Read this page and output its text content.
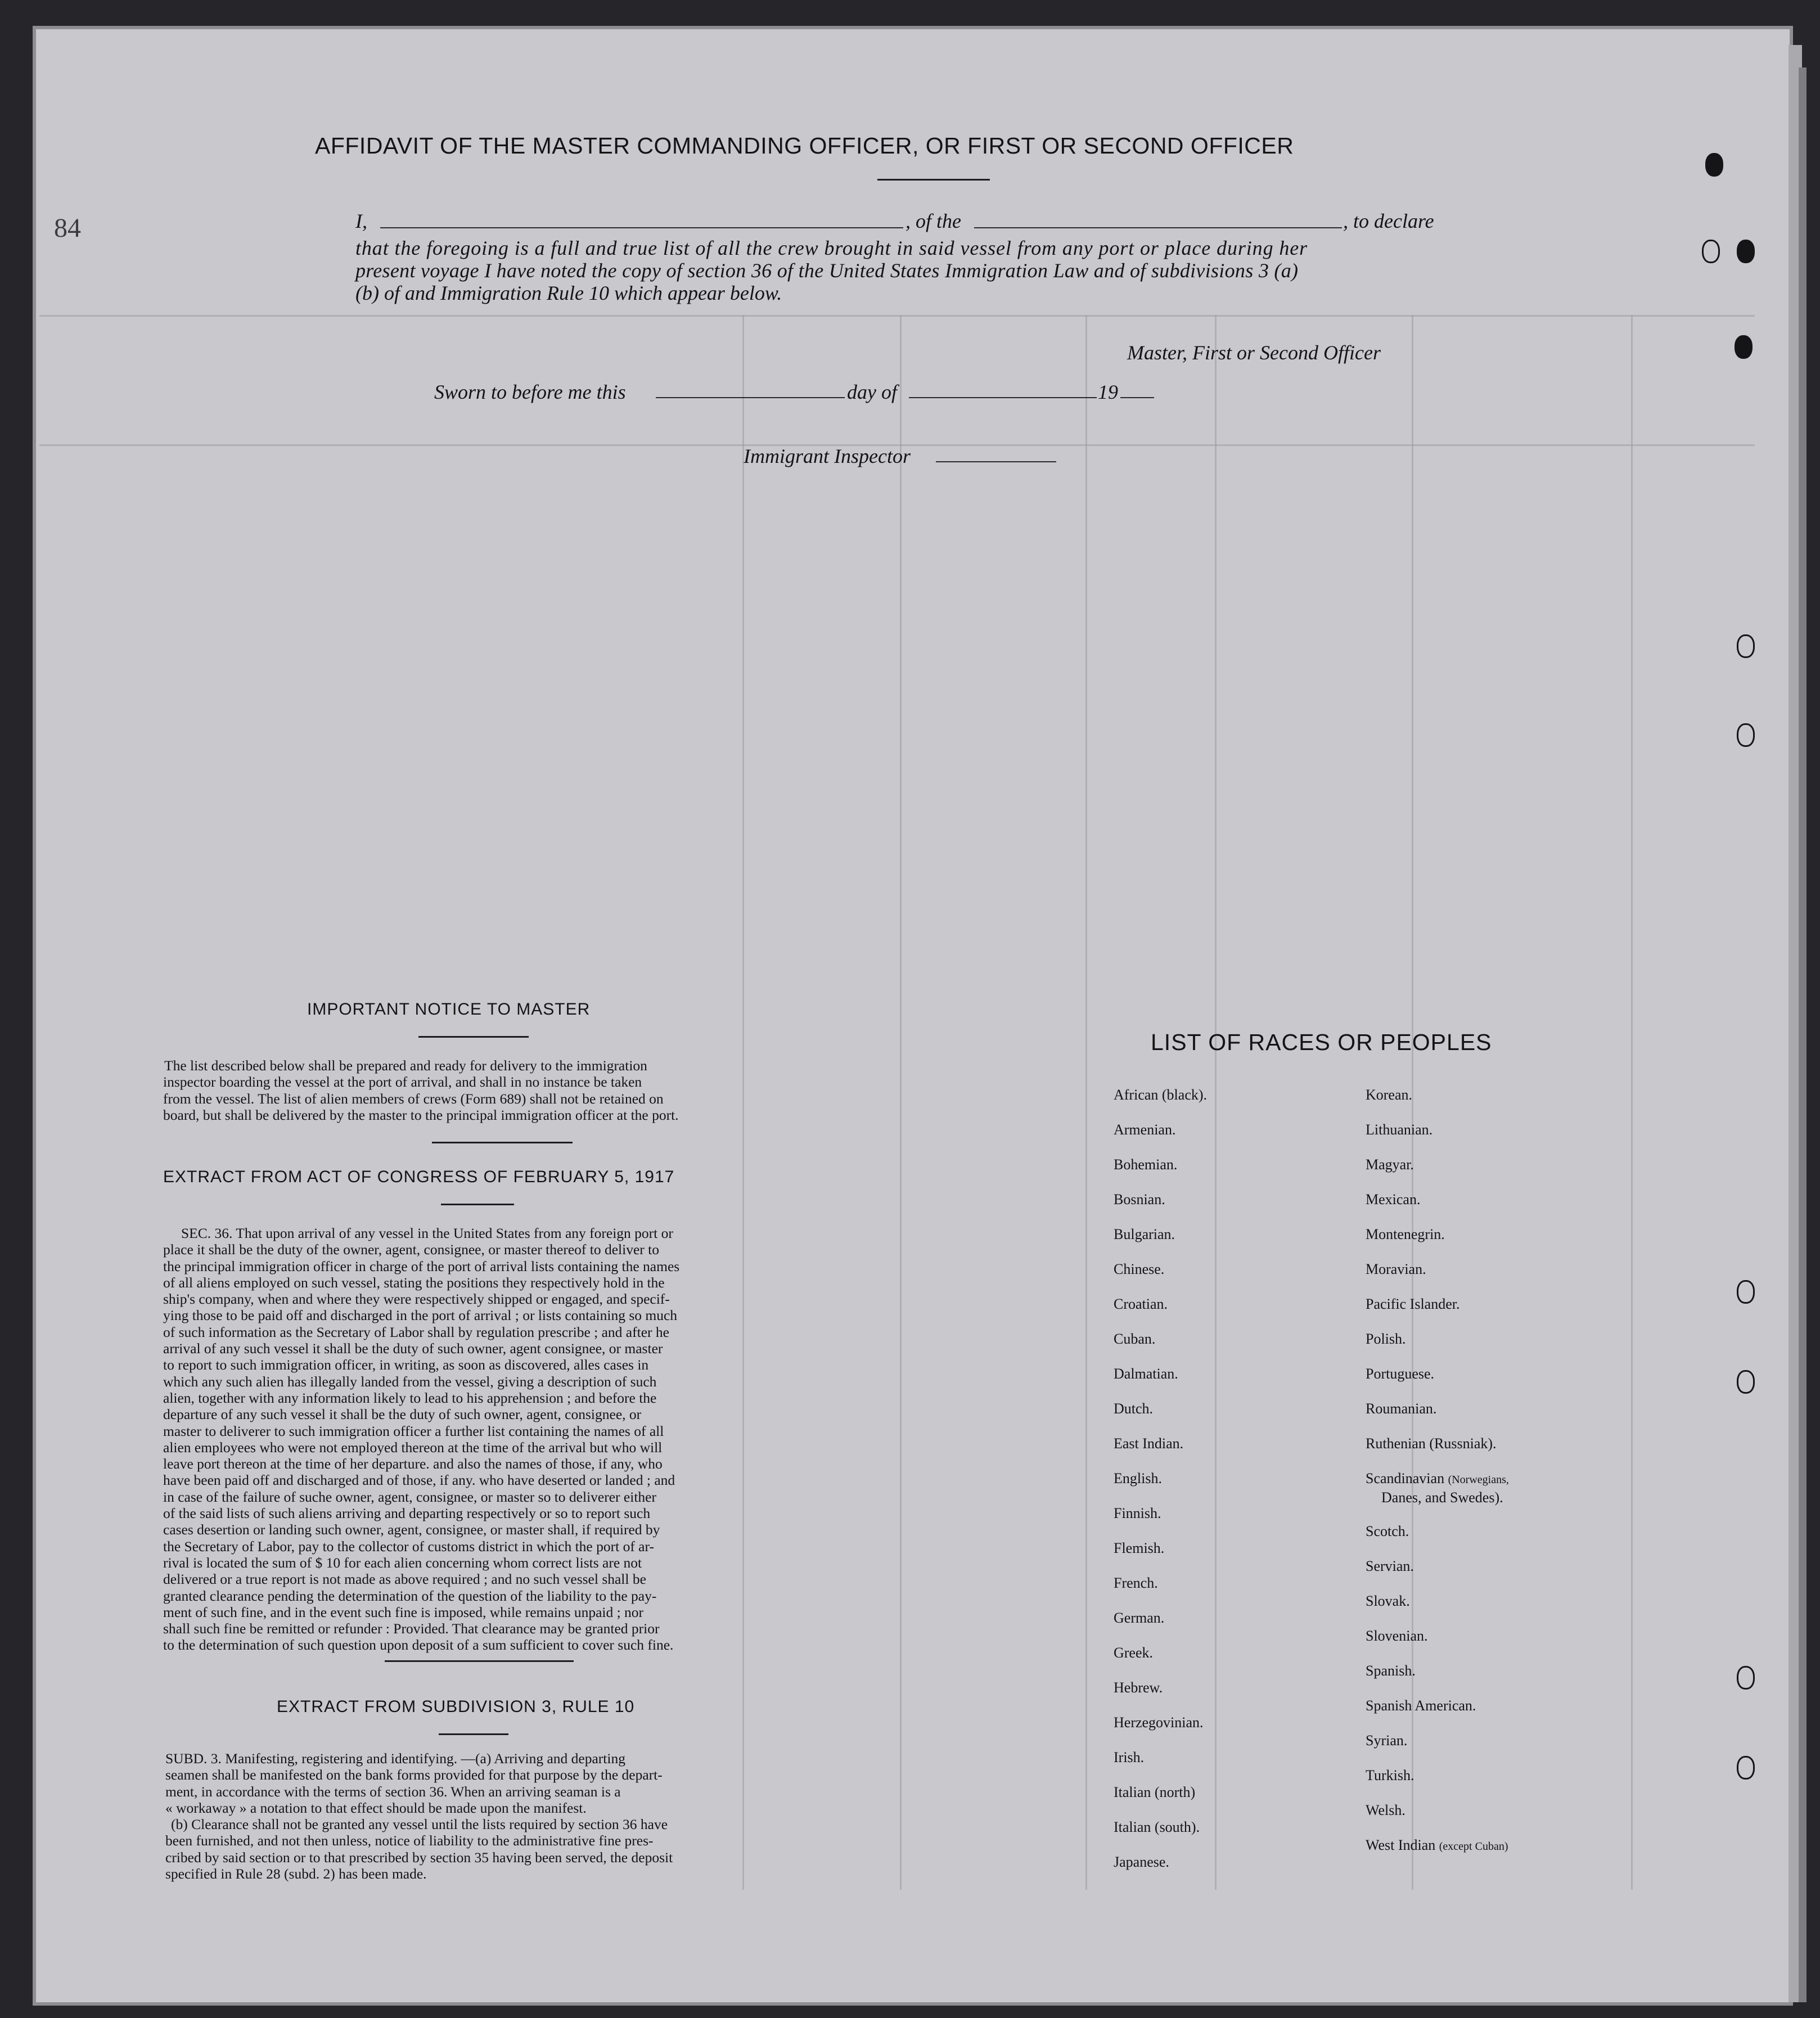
84
AFFIDAVIT OF THE MASTER COMMANDING OFFICER, OR FIRST OR SECOND OFFICER
I,	, of the	, to declare
that the foregoing is a full and true list of all the crew brought in said vessel from any port or place during her
present voyage I have noted the copy of section 36 of the United States Immigration Law and of subdivisions 3 (a)
(b) of and Immigration Rule 10 which appear below.
Master, First or Second Officer
Sworn to before me this	day of	19
Immigrant Inspector
IMPORTANT NOTICE TO MASTER
The list described below shall be prepared and ready for delivery to the immigration
inspector boarding the vessel at the port of arrival, and shall in no instance be taken
from the vessel. The list of alien members of crews (Form 689) shall not be retained on
board, but shall be delivered by the master to the principal immigration officer at the port.
EXTRACT FROM ACT OF CONGRESS OF FEBRUARY 5, 1917
SEC. 36. That upon arrival of any vessel in the United States from any foreign port or
place it shall be the duty of the owner, agent, consignee, or master thereof to deliver to
the principal immigration officer in charge of the port of arrival lists containing the names
of all aliens employed on such vessel, stating the positions they respectively hold in the
ship's company, when and where they were respectively shipped or engaged, and specif-
ying those to be paid off and discharged in the port of arrival ; or lists containing so much
of such information as the Secretary of Labor shall by regulation prescribe ; and after he
arrival of any such vessel it shall be the duty of such owner, agent consignee, or master
to report to such immigration officer, in writing, as soon as discovered, alles cases in
which any such alien has illegally landed from the vessel, giving a description of such
alien, together with any information likely to lead to his apprehension ; and before the
departure of any such vessel it shall be the duty of such owner, agent, consignee, or
master to deliverer to such immigration officer a further list containing the names of all
alien employees who were not employed thereon at the time of the arrival but who will
leave port thereon at the time of her departure. and also the names of those, if any, who
have been paid off and discharged and of those, if any. who have deserted or landed ; and
in case of the failure of suche owner, agent, consignee, or master so to deliverer either
of the said lists of such aliens arriving and departing respectively or so to report such
cases desertion or landing such owner, agent, consignee, or master shall, if required by
the Secretary of Labor, pay to the collector of customs district in which the port of ar-
rival is located the sum of $ 10 for each alien concerning whom correct lists are not
delivered or a true report is not made as above required ; and no such vessel shall be
granted clearance pending the determination of the question of the liability to the pay-
ment of such fine, and in the event such fine is imposed, while remains unpaid ; nor
shall such fine be remitted or refunder : Provided. That clearance may be granted prior
to the determination of such question upon deposit of a sum sufficient to cover such fine.
EXTRACT FROM SUBDIVISION 3, RULE 10
SUBD. 3. Manifesting, registering and identifying. —(a) Arriving and departing
seamen shall be manifested on the bank forms provided for that purpose by the depart-
ment, in accordance with the terms of section 36. When an arriving seaman is a
« workaway » a notation to that effect should be made upon the manifest.
(b) Clearance shall not be granted any vessel until the lists required by section 36 have
been furnished, and not then unless, notice of liability to the administrative fine pres-
cribed by said section or to that prescribed by section 35 having been served, the deposit
specified in Rule 28 (subd. 2) has been made.
LIST OF RACES OR PEOPLES
African (black).
Armenian.
Bohemian.
Bosnian.
Bulgarian.
Chinese.
Croatian.
Cuban.
Dalmatian.
Dutch.
East Indian.
English.
Finnish.
Flemish.
French.
German.
Greek.
Hebrew.
Herzegovinian.
Irish.
Italian (north)
Italian (south).
Japanese.
Korean.
Lithuanian.
Magyar.
Mexican.
Montenegrin.
Moravian.
Pacific Islander.
Polish.
Portuguese.
Roumanian.
Ruthenian (Russniak).
Scandinavian (Norwegians,
Danes, and Swedes).
Scotch.
Servian.
Slovak.
Slovenian.
Spanish.
Spanish American.
Syrian.
Turkish.
Welsh.
West Indian (except Cuban)
